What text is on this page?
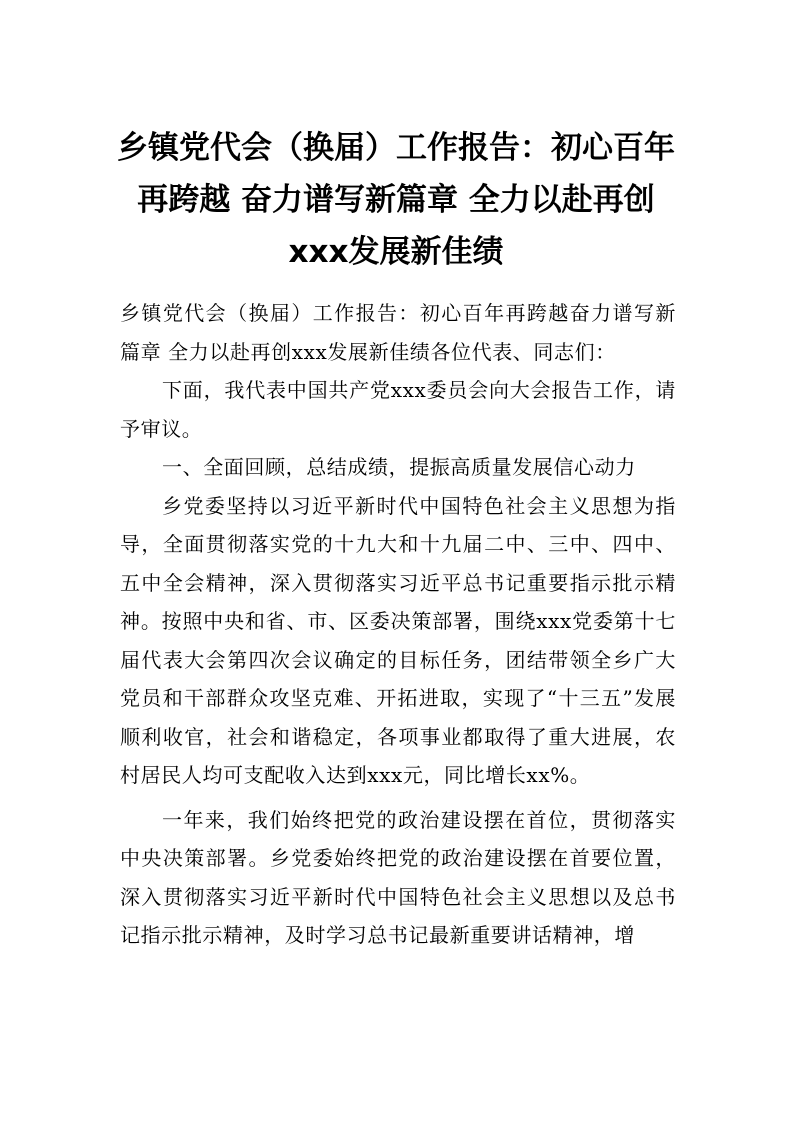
乡镇党代会（换届）工作报告：初心百年再跨越 奋力谱写新篇章 全力以赴再创xxx发展新佳绩

乡镇党代会（换届）工作报告：初心百年再跨越奋力谱写新篇章 全力以赴再创xxx发展新佳绩各位代表、同志们：

下面，我代表中国共产党xxx委员会向大会报告工作，请予审议。

一、全面回顾，总结成绩，提振高质量发展信心动力

乡党委坚持以习近平新时代中国特色社会主义思想为指导，全面贯彻落实党的十九大和十九届二中、三中、四中、五中全会精神，深入贯彻落实习近平总书记重要指示批示精神。按照中央和省、市、区委决策部署，围绕xxx党委第十七届代表大会第四次会议确定的目标任务，团结带领全乡广大党员和干部群众攻坚克难、开拓进取，实现了“十三五”发展顺利收官，社会和谐稳定，各项事业都取得了重大进展，农村居民人均可支配收入达到xxx元，同比增长xx%。

一年来，我们始终把党的政治建设摆在首位，贯彻落实中央决策部署。乡党委始终把党的政治建设摆在首要位置，深入贯彻落实习近平新时代中国特色社会主义思想以及总书记指示批示精神，及时学习总书记最新重要讲话精神，增
